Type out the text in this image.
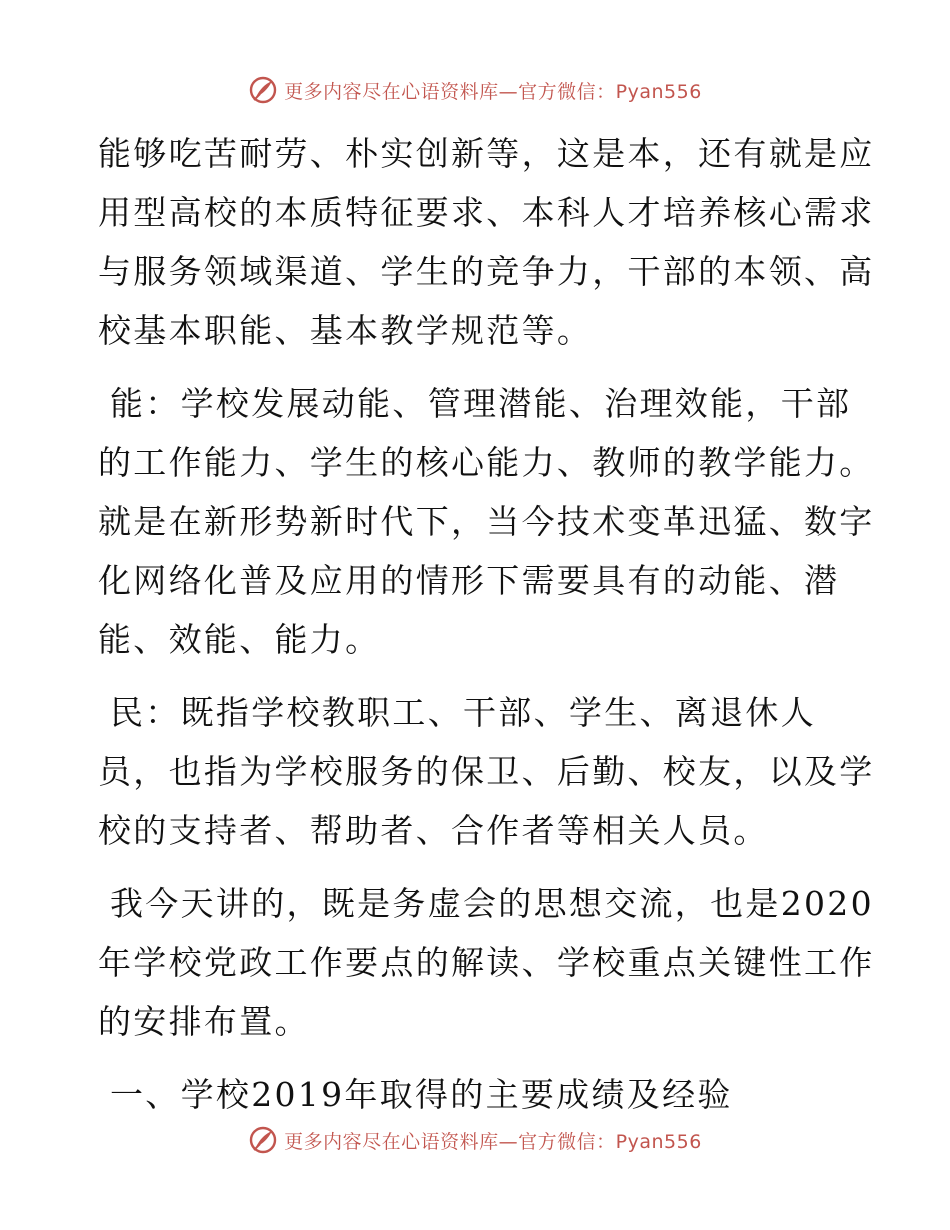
更多内容尽在心语资料库—官方微信：Pyan556

能够吃苦耐劳、朴实创新等，这是本，还有就是应

用型高校的本质特征要求、本科人才培养核心需求

与服务领域渠道、学生的竞争力，干部的本领、高

校基本职能、基本教学规范等。

能：学校发展动能、管理潜能、治理效能，干部

的工作能力、学生的核心能力、教师的教学能力。

就是在新形势新时代下，当今技术变革迅猛、数字

化网络化普及应用的情形下需要具有的动能、潜

能、效能、能力。

民：既指学校教职工、干部、学生、离退休人

员，也指为学校服务的保卫、后勤、校友，以及学

校的支持者、帮助者、合作者等相关人员。

我今天讲的，既是务虚会的思想交流，也是2020

年学校党政工作要点的解读、学校重点关键性工作

的安排布置。

一、学校2019年取得的主要成绩及经验

更多内容尽在心语资料库—官方微信：Pyan556
